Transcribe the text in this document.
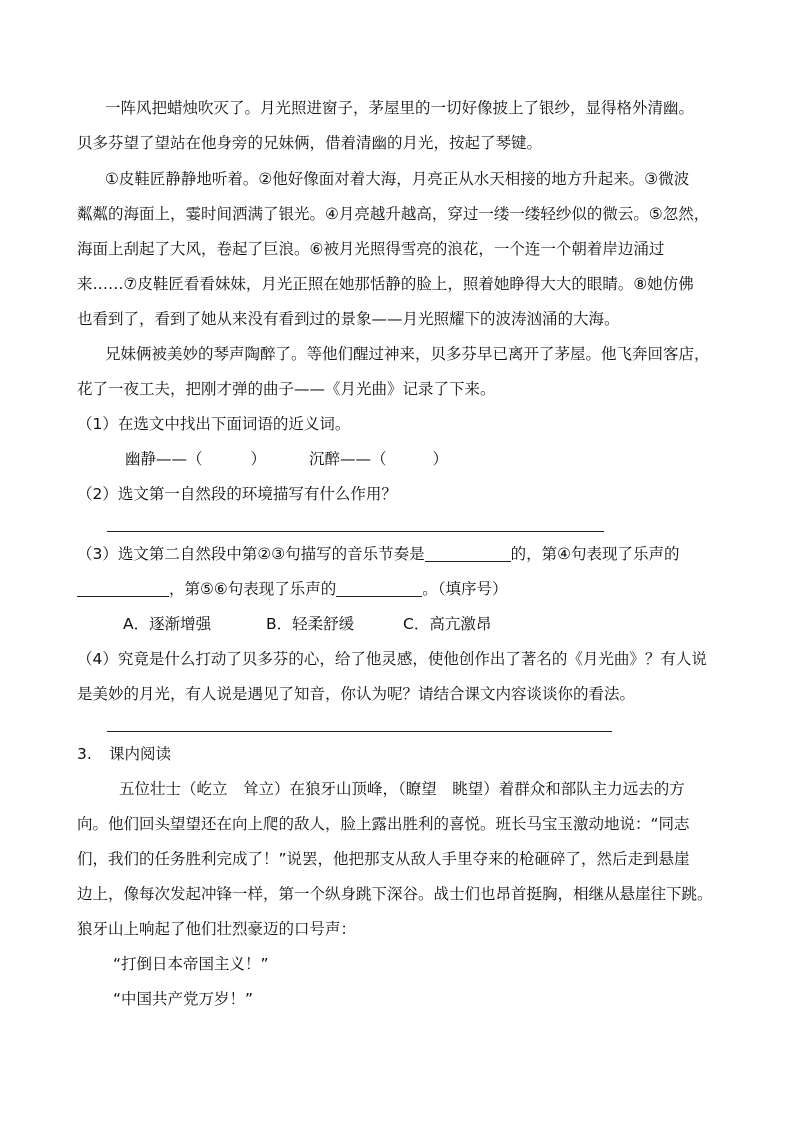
一阵风把蜡烛吹灭了。月光照进窗子，茅屋里的一切好像披上了银纱，显得格外清幽。
贝多芬望了望站在他身旁的兄妹俩，借着清幽的月光，按起了琴键。
①皮鞋匠静静地听着。②他好像面对着大海，月亮正从水天相接的地方升起来。③微波
粼粼的海面上，霎时间洒满了银光。④月亮越升越高，穿过一缕一缕轻纱似的微云。⑤忽然，
海面上刮起了大风，卷起了巨浪。⑥被月光照得雪亮的浪花，一个连一个朝着岸边涌过
来……⑦皮鞋匠看看妹妹，月光正照在她那恬静的脸上，照着她睁得大大的眼睛。⑧她仿佛
也看到了，看到了她从来没有看到过的景象——月光照耀下的波涛汹涌的大海。
兄妹俩被美妙的琴声陶醉了。等他们醒过神来，贝多芬早已离开了茅屋。他飞奔回客店，
花了一夜工夫，把刚才弹的曲子——《月光曲》记录了下来。
（1）在选文中找出下面词语的近义词。
幽静——（	）	沉醉——（	）
（2）选文第一自然段的环境描写有什么作用？
（3）选文第二自然段中第②③句描写的音乐节奏是	的，第④句表现了乐声的
，第⑤⑥句表现了乐声的	。（填序号）
A．逐渐增强	B．轻柔舒缓	C．高亢激昂
（4）究竟是什么打动了贝多芬的心，给了他灵感，使他创作出了著名的《月光曲》？有人说
是美妙的月光，有人说是遇见了知音，你认为呢？请结合课文内容谈谈你的看法。
3. 课内阅读
五位壮士（屹立　耸立）在狼牙山顶峰，（瞭望　眺望）着群众和部队主力远去的方
向。他们回头望望还在向上爬的敌人，脸上露出胜利的喜悦。班长马宝玉激动地说：“同志
们，我们的任务胜利完成了！”说罢，他把那支从敌人手里夺来的枪砸碎了，然后走到悬崖
边上，像每次发起冲锋一样，第一个纵身跳下深谷。战士们也昂首挺胸，相继从悬崖往下跳。
狼牙山上响起了他们壮烈豪迈的口号声：
“打倒日本帝国主义！”
“中国共产党万岁！”
